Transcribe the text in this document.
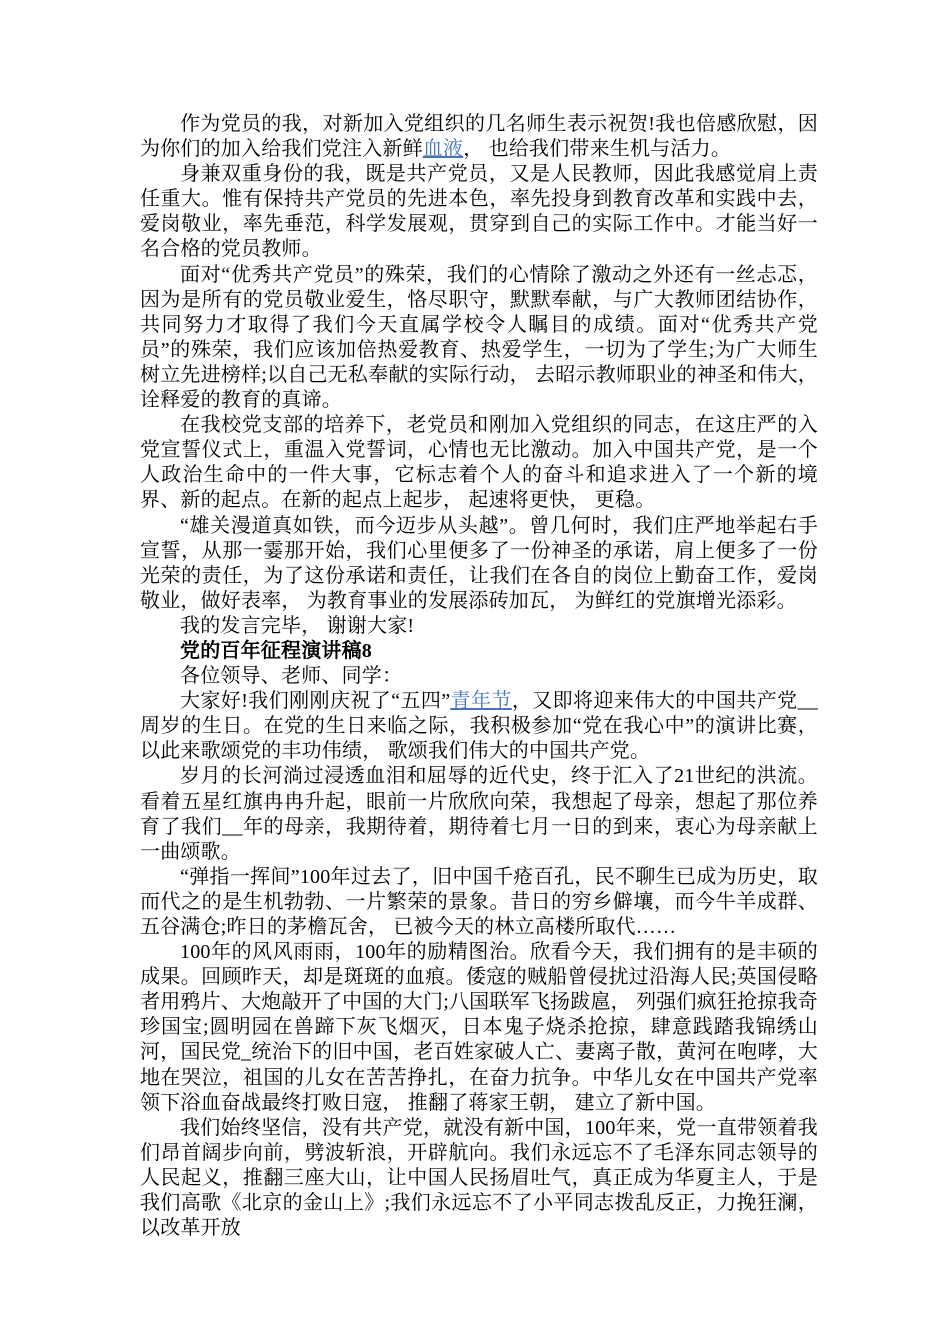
作为党员的我，对新加入党组织的几名师生表示祝贺!我也倍感欣慰，因为你们的加入给我们党注入新鲜血液， 也给我们带来生机与活力。

身兼双重身份的我，既是共产党员，又是人民教师，因此我感觉肩上责任重大。惟有保持共产党员的先进本色，率先投身到教育改革和实践中去，爱岗敬业，率先垂范，科学发展观，贯穿到自己的实际工作中。才能当好一名合格的党员教师。

面对“优秀共产党员”的殊荣，我们的心情除了激动之外还有一丝忐忑，因为是所有的党员敬业爱生，恪尽职守，默默奉献，与广大教师团结协作，共同努力才取得了我们今天直属学校令人瞩目的成绩。面对“优秀共产党员”的殊荣，我们应该加倍热爱教育、热爱学生，一切为了学生;为广大师生树立先进榜样;以自己无私奉献的实际行动， 去昭示教师职业的神圣和伟大， 诠释爱的教育的真谛。

在我校党支部的培养下，老党员和刚加入党组织的同志，在这庄严的入党宣誓仪式上，重温入党誓词，心情也无比激动。加入中国共产党，是一个人政治生命中的一件大事，它标志着个人的奋斗和追求进入了一个新的境界、新的起点。在新的起点上起步， 起速将更快， 更稳。

“雄关漫道真如铁，而今迈步从头越”。曾几何时，我们庄严地举起右手宣誓，从那一霎那开始，我们心里便多了一份神圣的承诺，肩上便多了一份光荣的责任，为了这份承诺和责任，让我们在各自的岗位上勤奋工作，爱岗敬业，做好表率， 为教育事业的发展添砖加瓦， 为鲜红的党旗增光添彩。

我的发言完毕， 谢谢大家!

党的百年征程演讲稿8

各位领导、老师、同学：

大家好!我们刚刚庆祝了“五四”青年节，又即将迎来伟大的中国共产党__周岁的生日。在党的生日来临之际，我积极参加“党在我心中”的演讲比赛，以此来歌颂党的丰功伟绩， 歌颂我们伟大的中国共产党。

岁月的长河淌过浸透血泪和屈辱的近代史，终于汇入了21世纪的洪流。看着五星红旗冉冉升起，眼前一片欣欣向荣，我想起了母亲，想起了那位养育了我们__年的母亲，我期待着，期待着七月一日的到来，衷心为母亲献上一曲颂歌。

“弹指一挥间”100年过去了，旧中国千疮百孔，民不聊生已成为历史，取而代之的是生机勃勃、一片繁荣的景象。昔日的穷乡僻壤，而今牛羊成群、五谷满仓;昨日的茅檐瓦舍， 已被今天的林立高楼所取代……

100年的风风雨雨，100年的励精图治。欣看今天，我们拥有的是丰硕的成果。回顾昨天，却是斑斑的血痕。倭寇的贼船曾侵扰过沿海人民;英国侵略者用鸦片、大炮敲开了中国的大门;八国联军飞扬跋扈， 列强们疯狂抢掠我奇珍国宝;圆明园在兽蹄下灰飞烟灭，日本鬼子烧杀抢掠，肆意践踏我锦绣山河，国民党_统治下的旧中国，老百姓家破人亡、妻离子散，黄河在咆哮，大地在哭泣，祖国的儿女在苦苦挣扎，在奋力抗争。中华儿女在中国共产党率领下浴血奋战最终打败日寇， 推翻了蒋家王朝， 建立了新中国。

我们始终坚信，没有共产党，就没有新中国，100年来，党一直带领着我们昂首阔步向前，劈波斩浪，开辟航向。我们永远忘不了毛泽东同志领导的人民起义，推翻三座大山，让中国人民扬眉吐气，真正成为华夏主人，于是我们高歌《北京的金山上》;我们永远忘不了小平同志拨乱反正，力挽狂澜，以改革开放
